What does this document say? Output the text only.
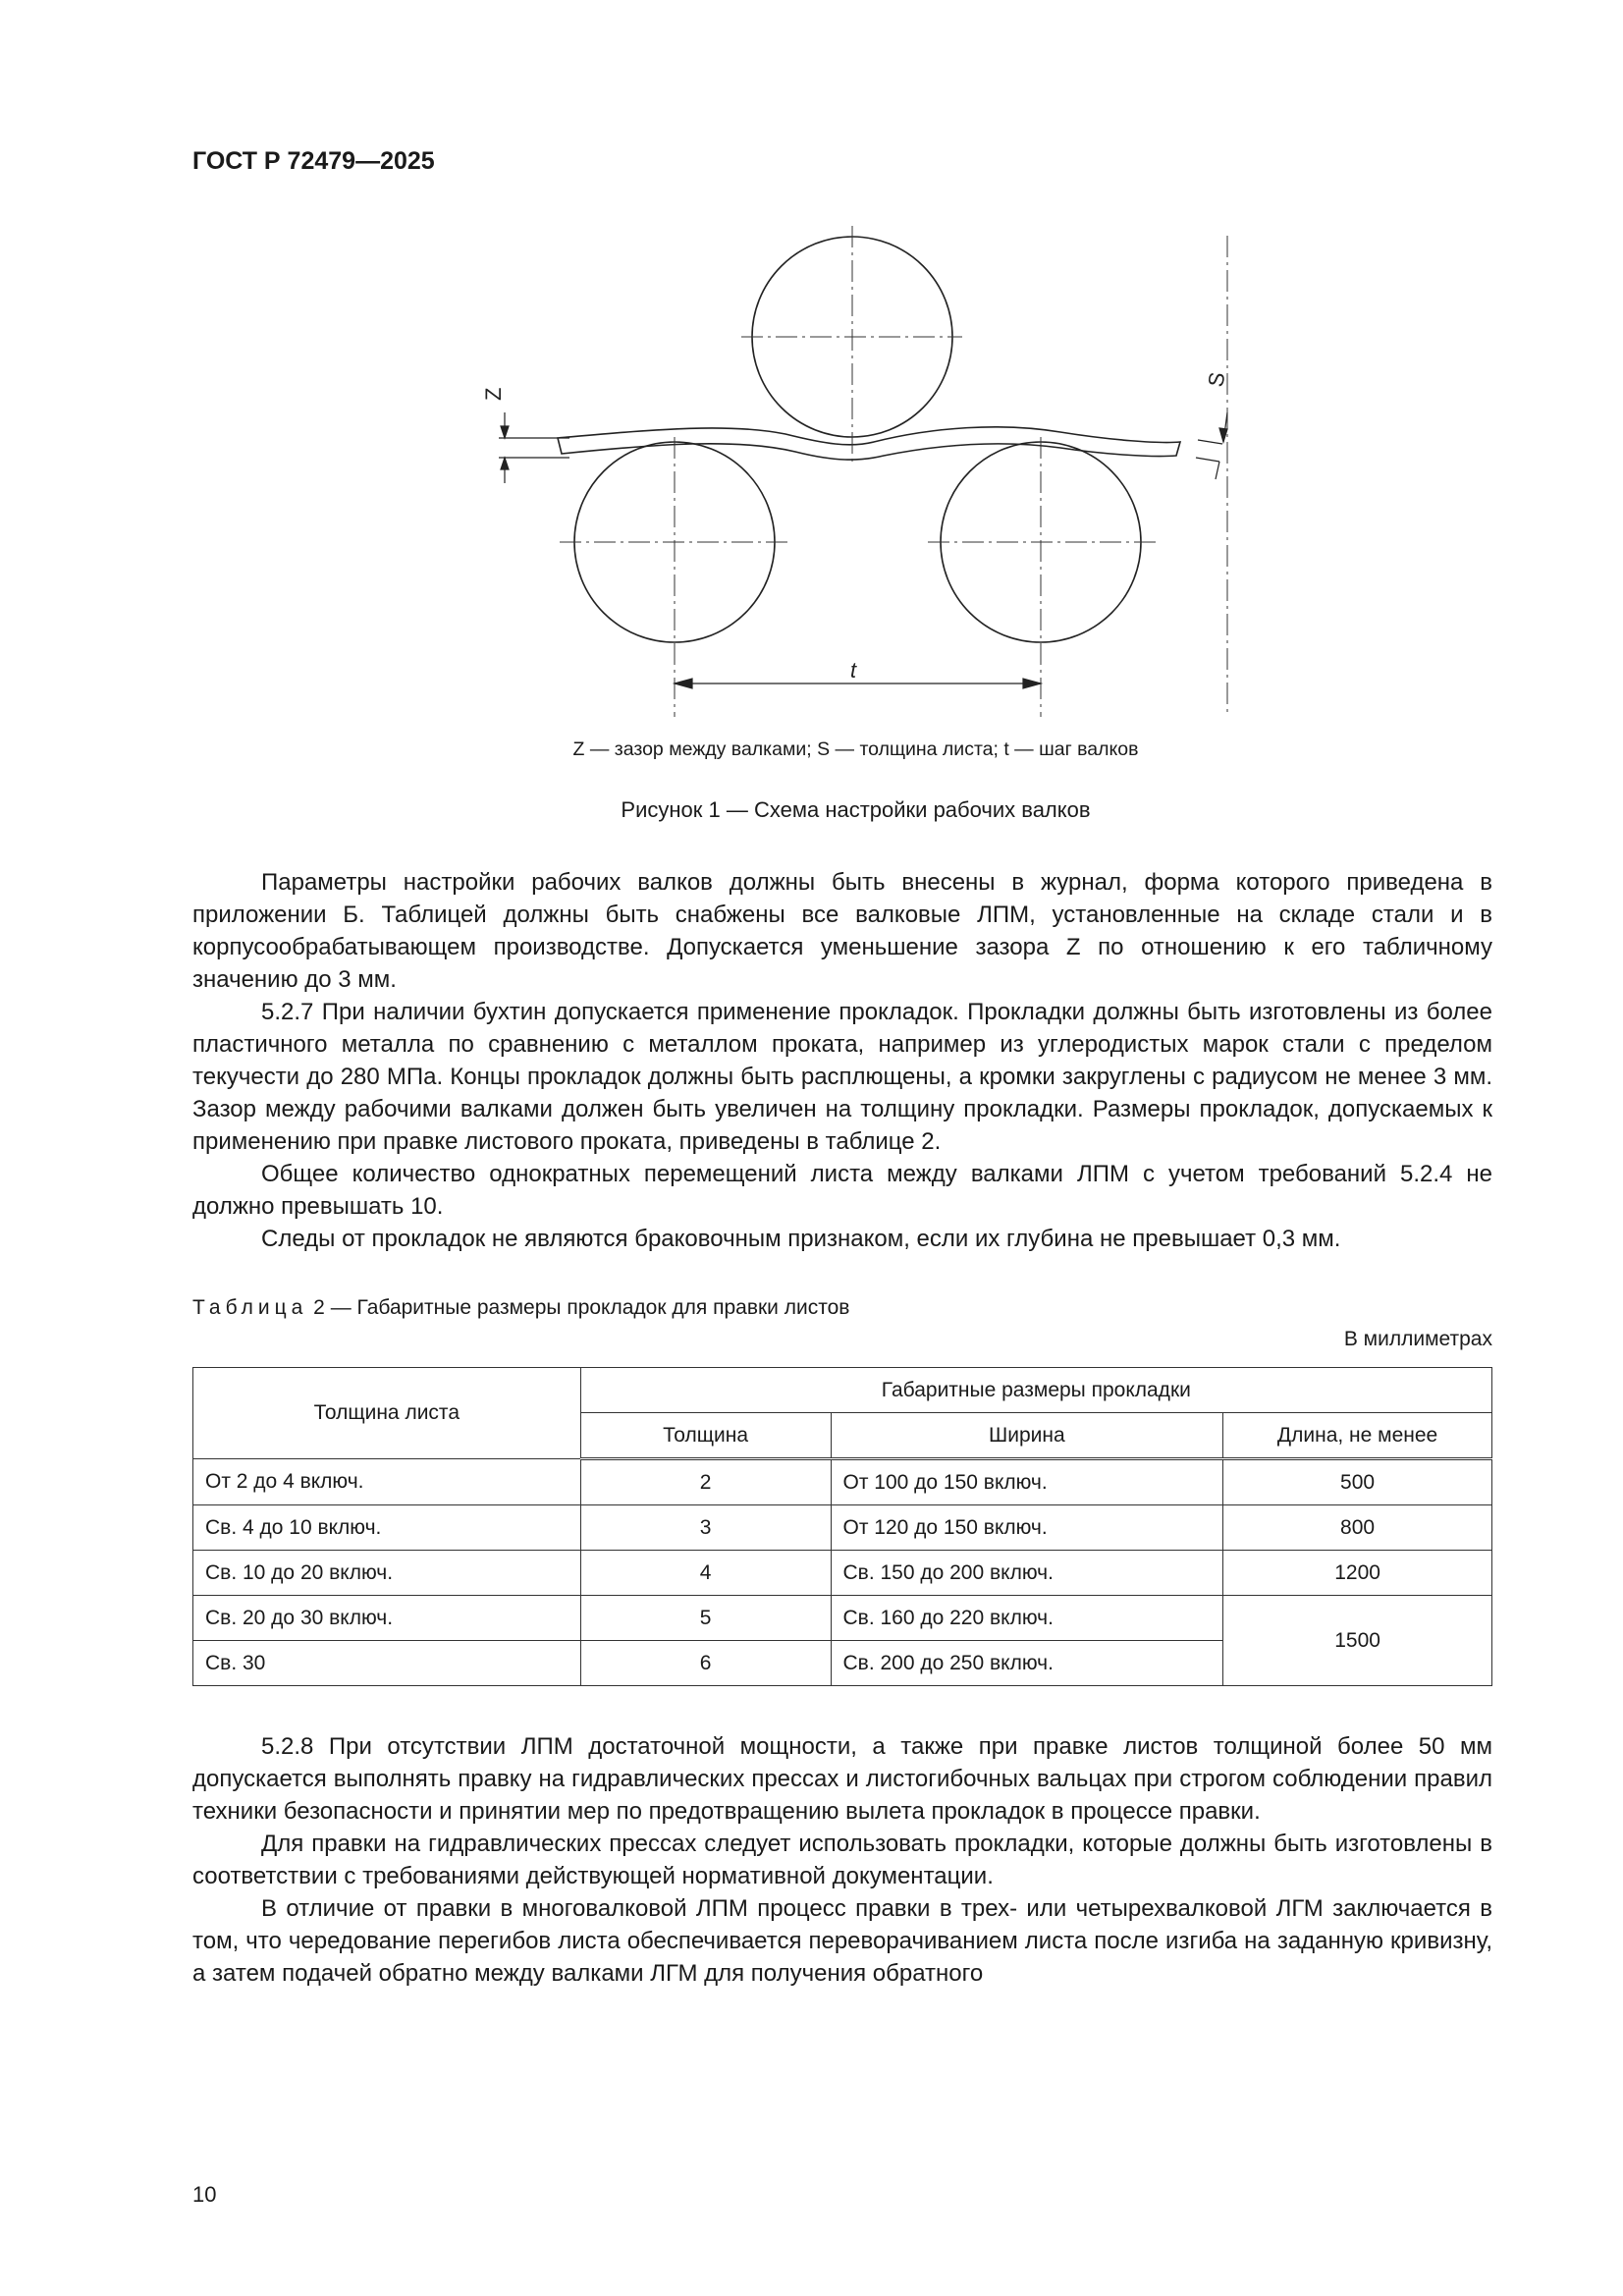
ГОСТ Р 72479—2025
Z
S
t
Z — зазор между валками; S — толщина листа; t — шаг валков
Рисунок 1 — Схема настройки рабочих валков

Параметры настройки рабочих валков должны быть внесены в журнал, форма которого приведена в приложении Б. Таблицей должны быть снабжены все валковые ЛПМ, установленные на складе стали и в корпусообрабатывающем производстве. Допускается уменьшение зазора Z по отношению к его табличному значению до 3 мм.

5.2.7 При наличии бухтин допускается применение прокладок. Прокладки должны быть изготовлены из более пластичного металла по сравнению с металлом проката, например из углеродистых марок стали с пределом текучести до 280 МПа. Концы прокладок должны быть расплющены, а кромки закруглены с радиусом не менее 3 мм. Зазор между рабочими валками должен быть увеличен на толщину прокладки. Размеры прокладок, допускаемых к применению при правке листового проката, приведены в таблице 2.

Общее количество однократных перемещений листа между валками ЛПМ с учетом требований 5.2.4 не должно превышать 10.

Следы от прокладок не являются браковочным признаком, если их глубина не превышает 0,3 мм.

Таблица 2 — Габаритные размеры прокладок для правки листов
В миллиметрах
Толщина листа	Габаритные размеры прокладки		
	Толщина	Ширина	Длина, не менее
От 2 до 4 включ.	2	От 100 до 150 включ.	500
Св. 4 до 10 включ.	3	От 120 до 150 включ.	800
Св. 10 до 20 включ.	4	Св. 150 до 200 включ.	1200
Св. 20 до 30 включ.	5	Св. 160 до 220 включ.	1500
Св. 30	6	Св. 200 до 250 включ.	

5.2.8 При отсутствии ЛПМ достаточной мощности, а также при правке листов толщиной более 50 мм допускается выполнять правку на гидравлических прессах и листогибочных вальцах при строгом соблюдении правил техники безопасности и принятии мер по предотвращению вылета прокладок в процессе правки.

Для правки на гидравлических прессах следует использовать прокладки, которые должны быть изготовлены в соответствии с требованиями действующей нормативной документации.

В отличие от правки в многовалковой ЛПМ процесс правки в трех- или четырехвалковой ЛГМ заключается в том, что чередование перегибов листа обеспечивается переворачиванием листа после изгиба на заданную кривизну, а затем подачей обратно между валками ЛГМ для получения обратного

10
